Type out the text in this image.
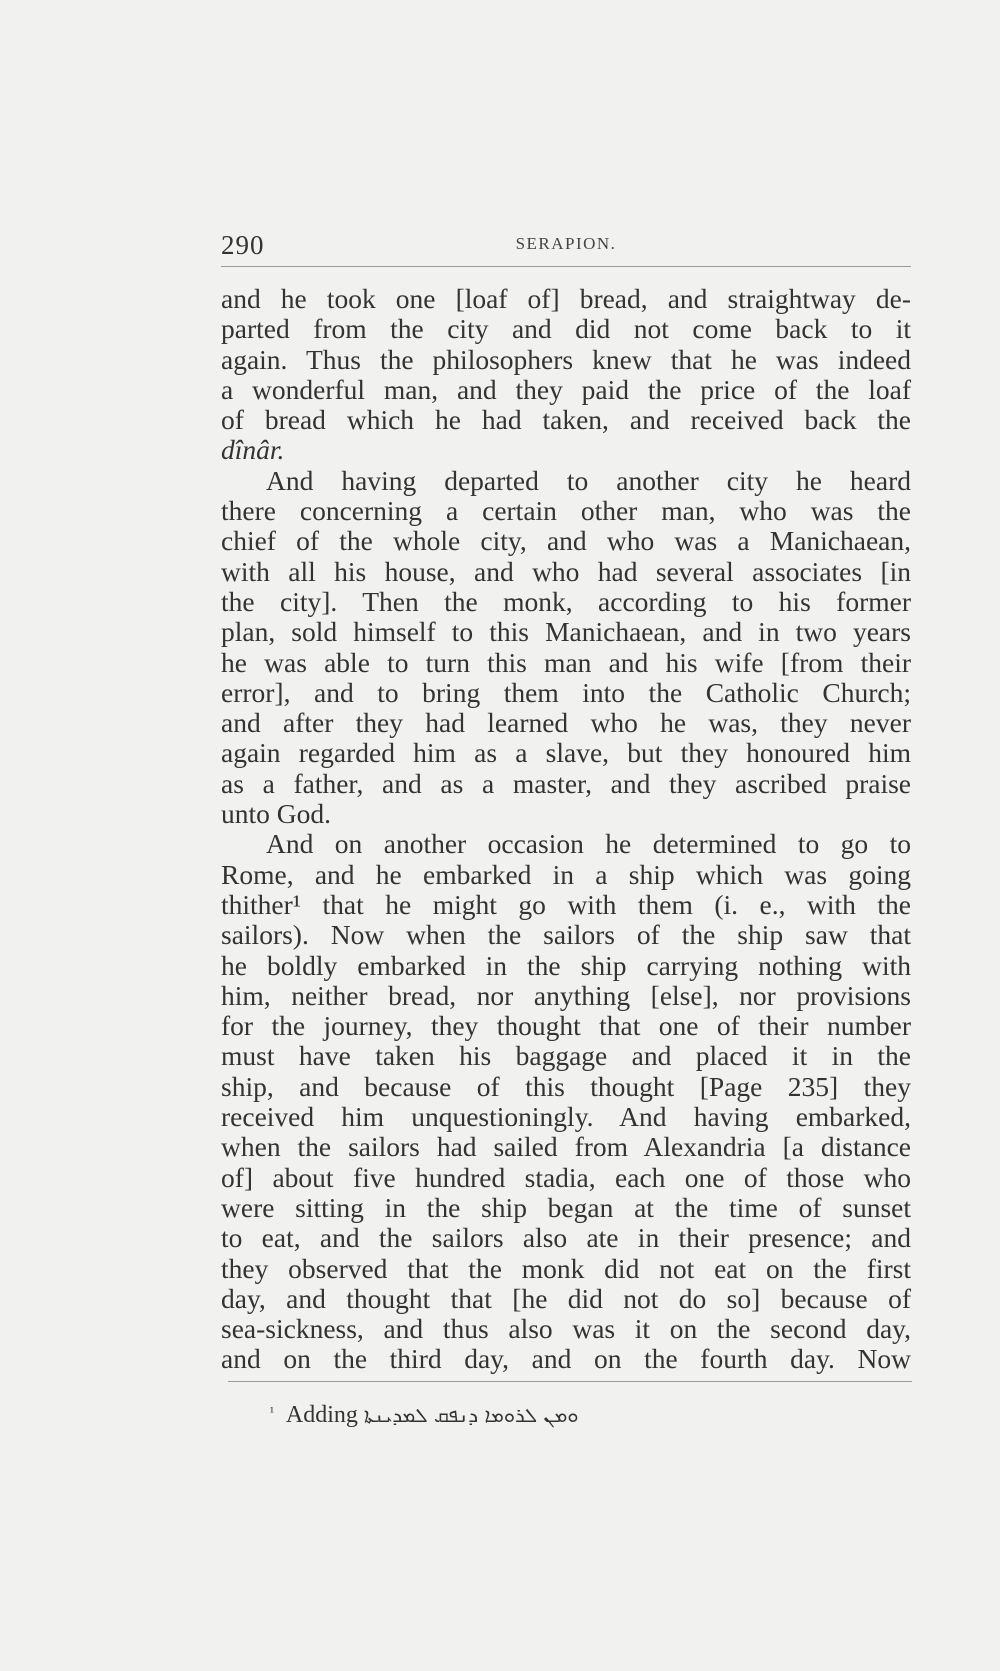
290	SERAPION.
and he took one [loaf of] bread, and straightway de-
parted from the city and did not come back to it
again. Thus the philosophers knew that he was indeed
a wonderful man, and they paid the price of the loaf
of bread which he had taken, and received back the
dînâr.
And having departed to another city he heard
there concerning a certain other man, who was the
chief of the whole city, and who was a Manichaean,
with all his house, and who had several associates [in
the city]. Then the monk, according to his former
plan, sold himself to this Manichaean, and in two years
he was able to turn this man and his wife [from their
error], and to bring them into the Catholic Church;
and after they had learned who he was, they never
again regarded him as a slave, but they honoured him
as a father, and as a master, and they ascribed praise
unto God.
And on another occasion he determined to go to
Rome, and he embarked in a ship which was going
thither¹ that he might go with them (i. e., with the
sailors). Now when the sailors of the ship saw that
he boldly embarked in the ship carrying nothing with
him, neither bread, nor anything [else], nor provisions
for the journey, they thought that one of their number
must have taken his baggage and placed it in the
ship, and because of this thought [Page 235] they
received him unquestioningly. And having embarked,
when the sailors had sailed from Alexandria [a distance
of] about five hundred stadia, each one of those who
were sitting in the ship began at the time of sunset
to eat, and the sailors also ate in their presence; and
they observed that the monk did not eat on the first
day, and thought that [he did not do so] because of
sea-sickness, and thus also was it on the second day,
and on the third day, and on the fourth day. Now
$^{^1}$ Adding ܘܡܢ ܠܪܘܡܐ ܕܢܦܩ ܠܡܕܝܢܬܐ
